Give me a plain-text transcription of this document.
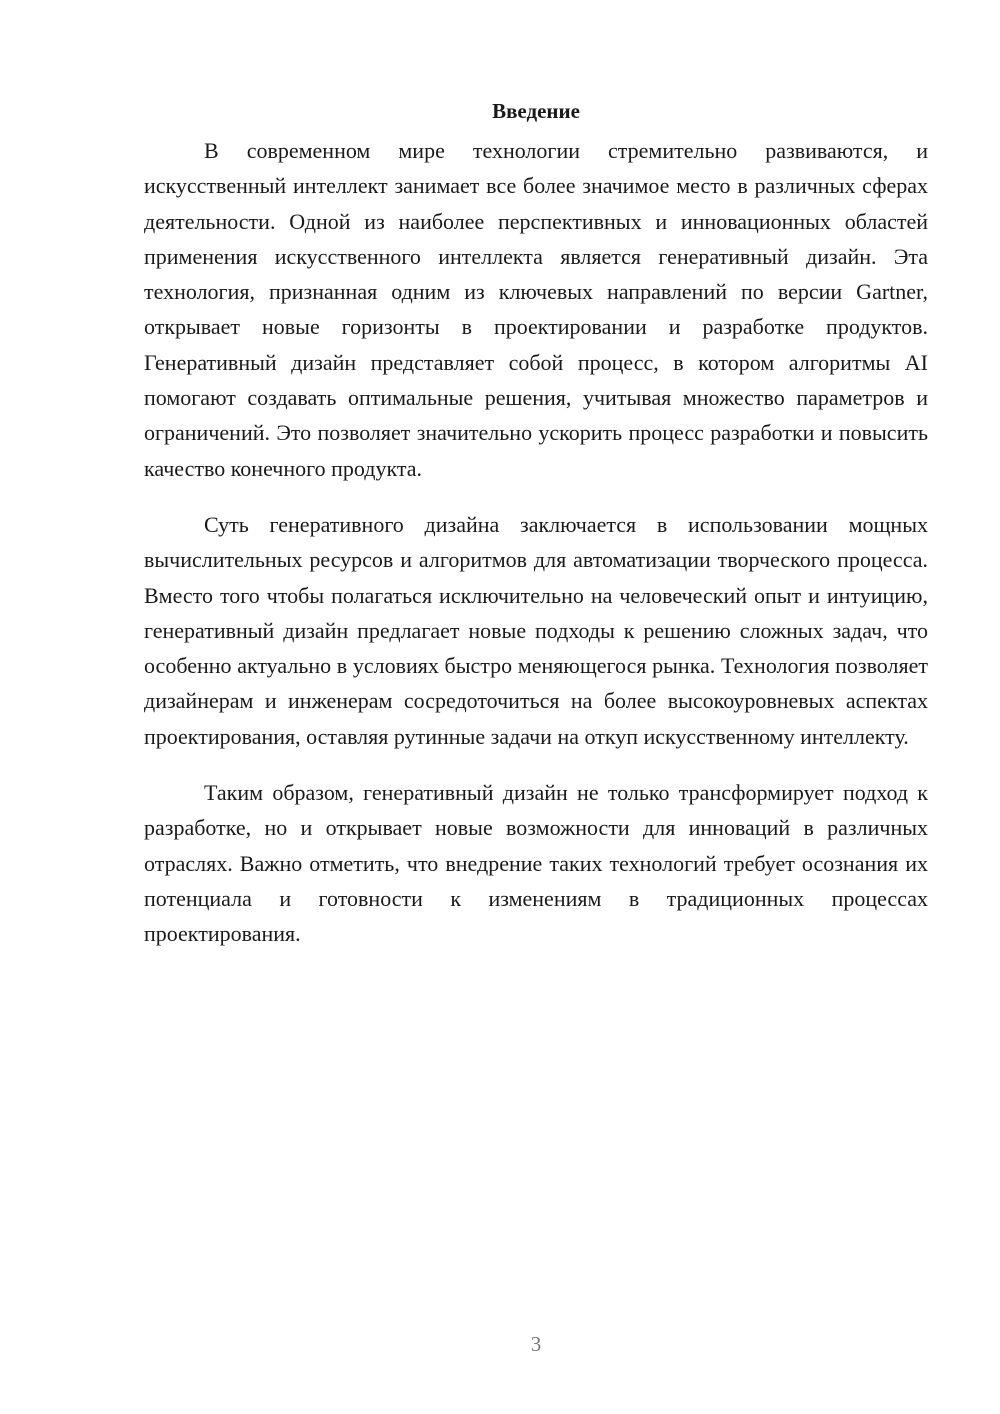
Введение

В современном мире технологии стремительно развиваются, и искусственный интеллект занимает все более значимое место в различных сферах деятельности. Одной из наиболее перспективных и инновационных областей применения искусственного интеллекта является генеративный дизайн. Эта технология, признанная одним из ключевых направлений по версии Gartner, открывает новые горизонты в проектировании и разработке продуктов. Генеративный дизайн представляет собой процесс, в котором алгоритмы AI помогают создавать оптимальные решения, учитывая множество параметров и ограничений. Это позволяет значительно ускорить процесс разработки и повысить качество конечного продукта.

Суть генеративного дизайна заключается в использовании мощных вычислительных ресурсов и алгоритмов для автоматизации творческого процесса. Вместо того чтобы полагаться исключительно на человеческий опыт и интуицию, генеративный дизайн предлагает новые подходы к решению сложных задач, что особенно актуально в условиях быстро меняющегося рынка. Технология позволяет дизайнерам и инженерам сосредоточиться на более высокоуровневых аспектах проектирования, оставляя рутинные задачи на откуп искусственному интеллекту.

Таким образом, генеративный дизайн не только трансформирует подход к разработке, но и открывает новые возможности для инноваций в различных отраслях. Важно отметить, что внедрение таких технологий требует осознания их потенциала и готовности к изменениям в традиционных процессах проектирования.

3
